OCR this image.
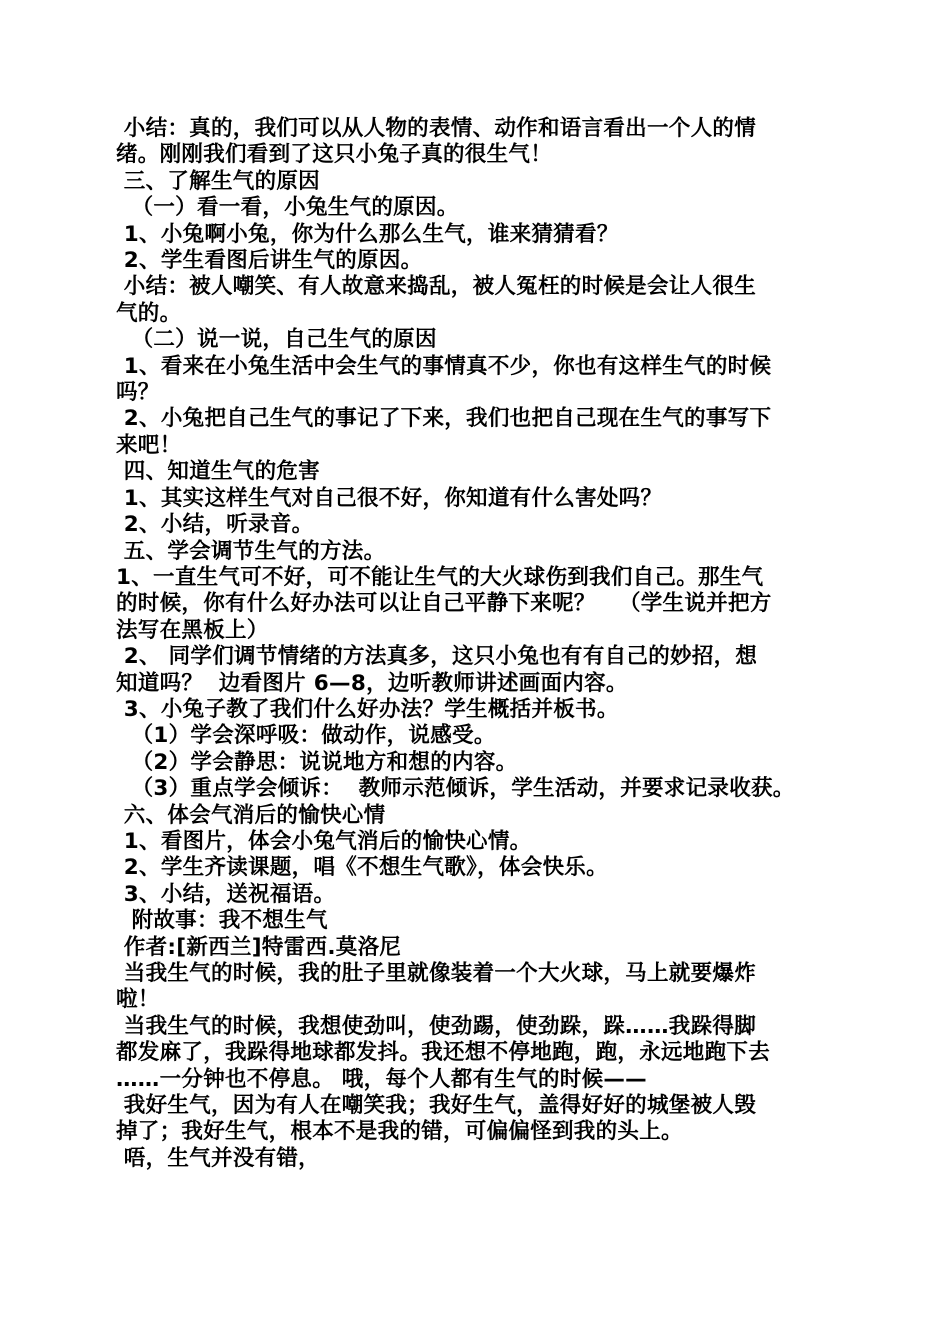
小结：真的，我们可以从人物的表情、动作和语言看出一个人的情

绪。刚刚我们看到了这只小兔子真的很生气！

三、了解生气的原因

（一）看一看，小兔生气的原因。

1、小兔啊小兔，你为什么那么生气，谁来猜猜看？

2、学生看图后讲生气的原因。

小结：被人嘲笑、有人故意来捣乱，被人冤枉的时候是会让人很生

气的。

（二）说一说，自己生气的原因

1、看来在小兔生活中会生气的事情真不少，你也有这样生气的时候

吗？

2、小兔把自己生气的事记了下来，我们也把自己现在生气的事写下

来吧！

四、知道生气的危害

1、其实这样生气对自己很不好，你知道有什么害处吗？

2、小结，听录音。

五、学会调节生气的方法。

1、一直生气可不好，可不能让生气的大火球伤到我们自己。那生气

的时候，你有什么好办法可以让自己平静下来呢？   （学生说并把方

法写在黑板上）

2、 同学们调节情绪的方法真多，这只小兔也有有自己的妙招，想

知道吗？  边看图片 6—8，边听教师讲述画面内容。

3、小兔子教了我们什么好办法？学生概括并板书。

（1）学会深呼吸：做动作，说感受。

（2）学会静思：说说地方和想的内容。

（3）重点学会倾诉：  教师示范倾诉，学生活动，并要求记录收获。

六、体会气消后的愉快心情

1、看图片，体会小兔气消后的愉快心情。

2、学生齐读课题，唱《不想生气歌》，体会快乐。

3、小结，送祝福语。

附故事：我不想生气

作者:[新西兰]特雷西.莫洛尼

当我生气的时候，我的肚子里就像装着一个大火球，马上就要爆炸

啦！

当我生气的时候，我想使劲叫，使劲踢，使劲跺，跺……我跺得脚

都发麻了，我跺得地球都发抖。我还想不停地跑，跑，永远地跑下去

……一分钟也不停息。 哦，每个人都有生气的时候——

我好生气，因为有人在嘲笑我；我好生气，盖得好好的城堡被人毁

掉了；我好生气，根本不是我的错，可偏偏怪到我的头上。

唔，生气并没有错，
